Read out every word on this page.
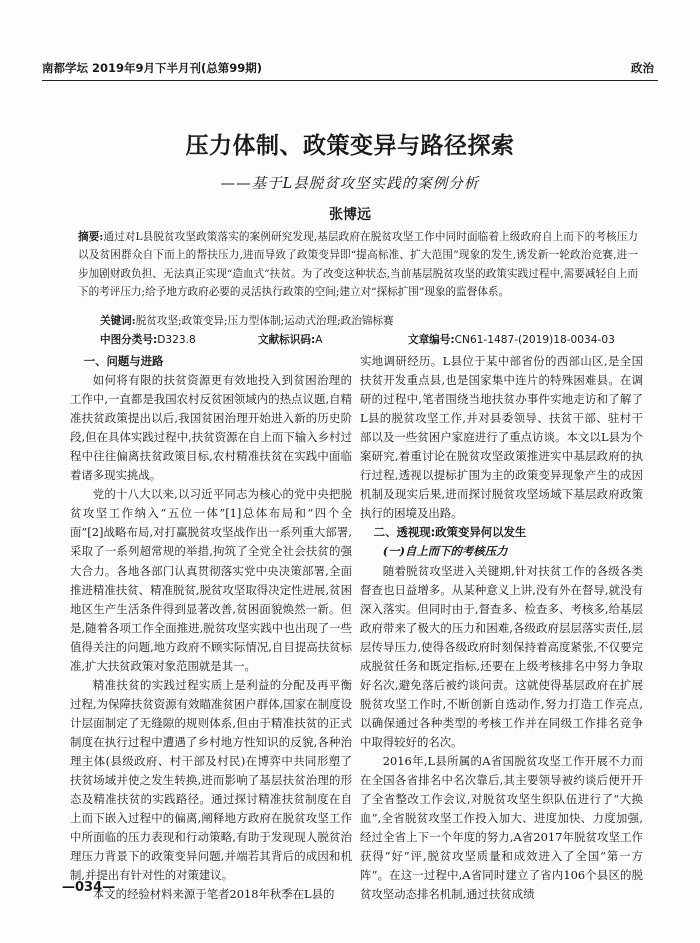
南都学坛 2019年9月下半月刊(总第99期)	政治
压力体制、政策变异与路径探索
——基于L县脱贫攻坚实践的案例分析
张博远
摘要:通过对L县脱贫攻坚政策落实的案例研究发现,基层政府在脱贫攻坚工作中同时面临着上级政府自上而下的考核压力以及贫困群众自下而上的帮扶压力,进而导致了政策变异即“提高标准、扩大范围”现象的发生,诱发新一轮政治竞赛,进一步加剧财政负担、无法真正实现“造血式”扶贫。为了改变这种状态,当前基层脱贫攻坚的政策实践过程中,需要减轻自上而下的考评压力;给予地方政府必要的灵活执行政策的空间;建立对“探标扩围”现象的监督体系。
关键词:脱贫攻坚;政策变异;压力型体制;运动式治理;政治锦标赛
中图分类号:D323.8	文献标识码:A	文章编号:CN61-1487-(2019)18-0034-03

一、问题与进路

如何将有限的扶贫资源更有效地投入到贫困治理的工作中,一直都是我国农村反贫困领域内的热点议题,自精准扶贫政策提出以后,我国贫困治理开始进入新的历史阶段,但在具体实践过程中,扶贫资源在自上而下输入乡村过程中往往偏离扶贫政策目标,农村精准扶贫在实践中面临着诸多现实挑战。

党的十八大以来,以习近平同志为核心的党中央把脱贫攻坚工作纳入“五位一体”[1]总体布局和“四个全面”[2]战略布局,对打赢脱贫攻坚战作出一系列重大部署,采取了一系列超常规的举措,拘筑了全党全社会扶贫的强大合力。各地各部门认真贯彻落实党中央决策部署,全面推进精准扶贫、精准脱贫,脱贫攻坚取得决定性进展,贫困地区生产生活条件得到显著改善,贫困面貌焕然一新。但是,随着各项工作全面推进,脱贫攻坚实践中也出现了一些值得关注的问题,地方政府不顾实际情况,自目提高扶贫标准,扩大扶贫政策对象范围就是其一。

精准扶贫的实践过程实质上是利益的分配及再平衡过程,为保障扶贫资源有效瞄准贫困户群体,国家在制度设计层面制定了无缝隙的规则体系,但由于精准扶贫的正式制度在执行过程中遭遇了乡村地方性知识的反貌,各种治理主体(县级政府、村干部及村民)在博弈中共同形塑了扶贫场域并使之发生转换,进而影响了基层扶贫治理的形态及精准扶贫的实践路径。通过探讨精准扶贫制度在自上而下嵌入过程中的偏离,阐释地方政府在脱贫攻坚工作中所面临的压力表现和行动策略,有助于发现现人脱贫治理压力背景下的政策变异问题,并端若其背后的成因和机制,并提出有针对性的对策建议。

本文的经验材料来源于笔者2018年秋季在L县的

实地调研经历。L县位于某中部省份的西部山区,是全国扶贫开发重点县,也是国家集中连片的特殊困难县。在调研的过程中,笔者围绕当地扶贫办事件实地走访和了解了L县的脱贫攻坚工作,并对县委领导、扶贫干部、驻村干部以及一些贫困户家庭进行了重点访谈。本文以L县为个案研究,着重讨论在脱贫攻坚政策推进实中基层政府的执行过程,透视以提标扩围为主的政策变异现象产生的成因机制及现实后果,进而探讨脱贫攻坚场域下基层政府政策执行的困境及出路。

二、透视现:政策变异何以发生

(一)自上而下的考核压力

随着脱贫攻坚进入关键期,针对扶贫工作的各级各类督查也日益增多。从某种意义上讲,没有外在督导,就没有深入落实。但同时由于,督查多、检查多、考核多,给基层政府带来了极大的压力和困难,各级政府层层落实责任,层层传导压力,使得各级政府时刻保持着高度紧张,不仅要完成脱贫任务和既定指标,还要在上级考核排名中努力争取好名次,避免落后被约谈问责。这就使得基层政府在扩展脱贫攻坚工作时,不断创新自选动作,努力打造工作亮点,以确保通过各种类型的考核工作并在同级工作排名竞争中取得较好的名次。

2016年,L县所属的A省国脱贫攻坚工作开展不力而在全国各省排名中名次靠后,其主要领导被约谈后便开开了全省整改工作会议,对脱贫攻坚生织队伍进行了“大换血”,全省脱贫攻坚工作投入加大、进度加快、力度加强,经过全省上下一个年度的努力,A省2017年脱贫攻坚工作获得“好”评,脱贫攻坚质量和成效进入了全国“第一方阵”。在这一过程中,A省同时建立了省内106个县区的脱贫攻坚动态排名机制,通过扶贫成绩

—034—
